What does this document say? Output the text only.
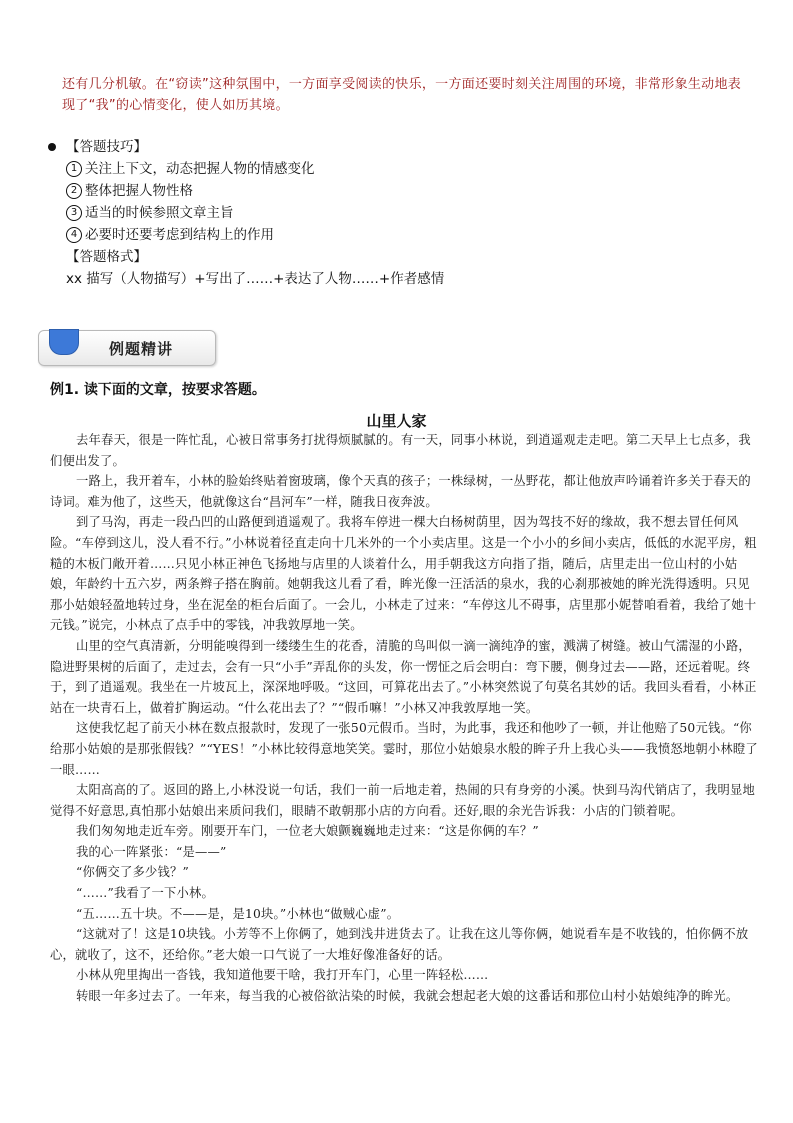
还有几分机敏。在“窃读”这种氛围中，一方面享受阅读的快乐，一方面还要时刻关注周围的环境，非常形象生动地表现了“我”的心情变化，使人如历其境。
【答题技巧】
1 关注上下文，动态把握人物的情感变化
2 整体把握人物性格
3 适当的时候参照文章主旨
4 必要时还要考虑到结构上的作用
【答题格式】
xx 描写（人物描写）+写出了……+表达了人物……+作者感情
例题精讲
例1. 读下面的文章，按要求答题。
山里人家

去年春天，很是一阵忙乱，心被日常事务打扰得烦腻腻的。有一天，同事小林说，到逍遥观走走吧。第二天早上七点多，我们便出发了。

一路上，我开着车，小林的脸始终贴着窗玻璃，像个天真的孩子；一株绿树，一丛野花，都让他放声吟诵着许多关于春天的诗词。难为他了，这些天，他就像这台“昌河车”一样，随我日夜奔波。

到了马沟，再走一段凸凹的山路便到逍遥观了。我将车停进一棵大白杨树荫里，因为驾技不好的缘故，我不想去冒任何风险。“车停到这儿，没人看不行。”小林说着径直走向十几米外的一个小卖店里。这是一个小小的乡间小卖店，低低的水泥平房，粗糙的木板门敞开着……只见小林正神色飞扬地与店里的人谈着什么，用手朝我这方向指了指，随后，店里走出一位山村的小姑娘，年龄约十五六岁，两条辫子搭在胸前。她朝我这儿看了看，眸光像一汪活活的泉水，我的心刹那被她的眸光洗得透明。只见那小姑娘轻盈地转过身，坐在泥垒的柜台后面了。一会儿，小林走了过来：“车停这儿不碍事，店里那小妮替咱看着，我给了她十元钱。”说完，小林点了点手中的零钱，冲我敦厚地一笑。

山里的空气真清新，分明能嗅得到一缕缕生生的花香，清脆的鸟叫似一滴一滴纯净的蜜，溅满了树缝。被山气濡湿的小路，隐进野果树的后面了，走过去，会有一只“小手”弄乱你的头发，你一愣怔之后会明白：弯下腰，侧身过去——路，还远着呢。终于，到了逍遥观。我坐在一片坡瓦上，深深地呼吸。“这回，可算花出去了。”小林突然说了句莫名其妙的话。我回头看看，小林正站在一块青石上，做着扩胸运动。“什么花出去了？”“假币嘛！”小林又冲我敦厚地一笑。

这使我忆起了前天小林在数点报款时，发现了一张50元假币。当时，为此事，我还和他吵了一顿，并让他赔了50元钱。“你给那小姑娘的是那张假钱？”“YES！”小林比较得意地笑笑。霎时，那位小姑娘泉水般的眸子升上我心头——我愤怒地朝小林瞪了一眼……

太阳高高的了。返回的路上,小林没说一句话，我们一前一后地走着，热闹的只有身旁的小溪。快到马沟代销店了，我明显地觉得不好意思,真怕那小姑娘出来质问我们，眼睛不敢朝那小店的方向看。还好,眼的余光告诉我：小店的门锁着呢。

我们匆匆地走近车旁。刚要开车门，一位老大娘颤巍巍地走过来：“这是你俩的车？”

我的心一阵紧张：“是——”

“你俩交了多少钱？”

“……”我看了一下小林。

“五……五十块。不——是，是10块。”小林也“做贼心虚”。

“这就对了！这是10块钱。小芳等不上你俩了，她到浅井进货去了。让我在这儿等你俩，她说看车是不收钱的，怕你俩不放心，就收了，这不，还给你。”老大娘一口气说了一大堆好像准备好的话。

小林从兜里掏出一沓钱，我知道他要干啥，我打开车门，心里一阵轻松……

转眼一年多过去了。一年来，每当我的心被俗欲沾染的时候，我就会想起老大娘的这番话和那位山村小姑娘纯净的眸光。
